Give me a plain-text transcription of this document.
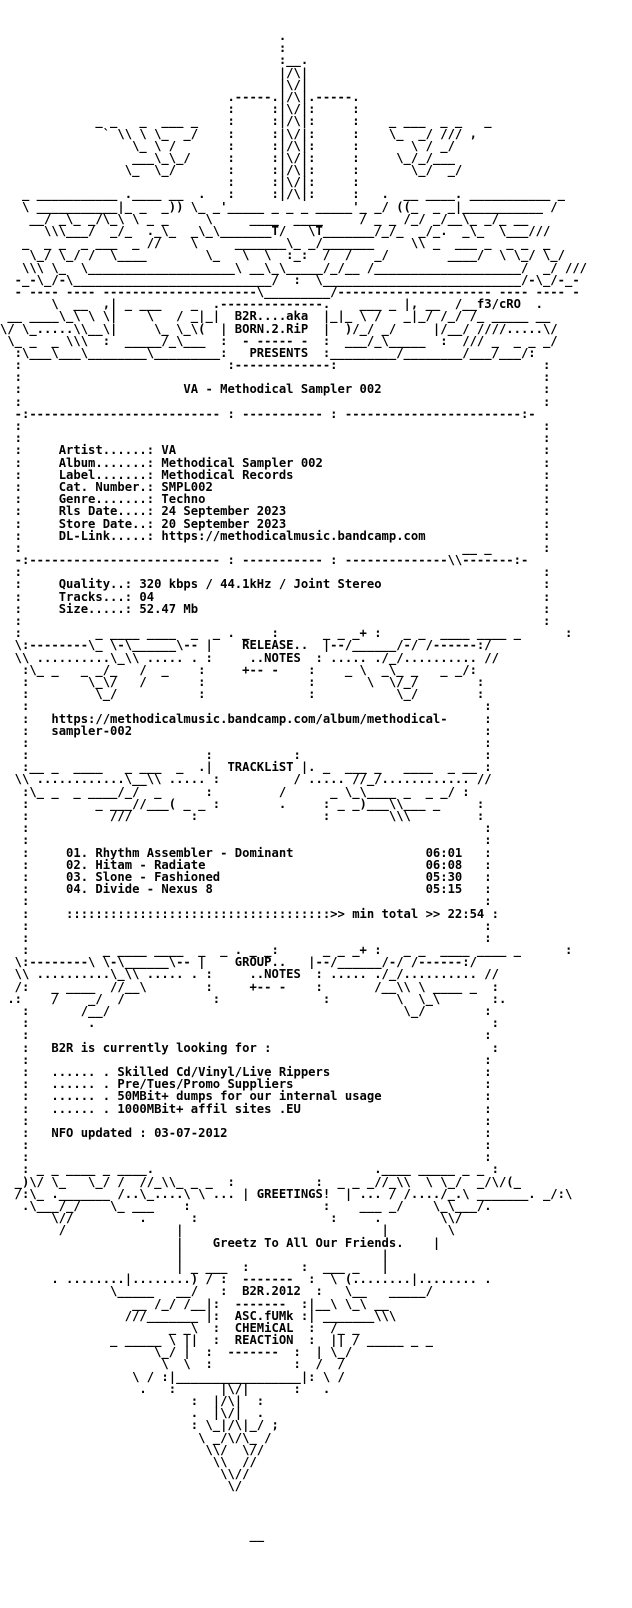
.
:
:__.
|/\|
|\/|
.-----.|/\|.-----.
:     :|\/|:     :
_ _   _  ___ _    :     :|/\|:     :    _ ___  _ _   _
` \\ \ \_  _/    :     :|\/|:     :    \_  _/ /// ,
\_ \ /       :     :|/\|:     :       \ / _/
___\_\_/     :     :|\/|:     :     \_/_/___
\_  \_/       :     :|/\|:     :       \_/  _/
:     :|\/|:     :
_ ___________ .____ __  .   :     :|/\|:     :   .  __ ____. ___________ _
\ ___________|_ _  _)) \_ _'_____ _ _ _ _____'_ _/ ((_  _ _|___________ /
__/ _\_ _/\_\ \ _ _     \     ____  ____     / _ _ /_/ _/__\_ _/_ __
\\\___/  _/_  ._\_  _\_\_______T/   \T_______/_/_  _/_.  _\_  \___///
_  _ _  _ ___  _ //    \     _______\_ _/_______     \\ _  ___ _  _ _  _
\_/ \_/ /  \____        \_   \  \  :_:  /  /   _/        ____/  \ \_/ \_/
\\\ \_  \____________________\ __\_\_____/_/__ /____________________/  _/ ///
-_-\_/-\___________________________/  :  \___________________________/-\_/-_-
- ---- ---- ---------------------\_________/--------------------- ---- ---- -
\  __  ,| _ ___    _  .--------------.    ___ _ |, __  /__f3/cRO  .
__ ____\_\ \ \|    \   / _|_|  B2R....aka  |_|_ \ /   _|_/ /_/ /_ _____ __
\/ \_.....\\__\|     \_ \_\(  | BORN.2.RiP  |  )/_/ _/     |/__/ ////.....\/
\_ _  _ \\\  :  _____/_\___  :  - ----- -  :  ___/_\_____  :  /// _  _ _ _/
:\___\___\________\_________:   PRESENTS  :_________/________/___/___/:
:                            :-------------:                            :
:                                                                       :
:                      VA - Methodical Sampler 002                      :
:                                                                       :
-:-------------------------- : ----------- : ------------------------:-
:                                                                       :
:                                                                       :
:     Artist......: VA                                                  :
:     Album.......: Methodical Sampler 002                              :
:     Label.......: Methodical Records                                  :
:     Cat. Number.: SMPL002                                             :
:     Genre.......: Techno                                              :
:     Rls Date....: 24 September 2023                                   :
:     Store Date..: 20 September 2023                                   :
:     DL-Link.....: https://methodicalmusic.bandcamp.com                :
:                                                            __ _       :
-:-------------------------- : ----------- : --------------\\-------:-
:                                                                       :
:     Quality..: 320 kbps / 44.1kHz / Joint Stereo                      :
:     Tracks...: 04                                                     :
:     Size.....: 52.47 Mb                                               :
:                                                                       :
:          _ ____ ____  _  _ . _   :      _ _ _+ :   _ _  ____ ____ _      :
\:--------\_ \-\______\-- |    RELEASE..  |--/______/-/ /------:/
\\ ..........\_\\ ..... . :     ..NOTES  : ..... ./_/.......... //
:\_ _   _ _/_   /  _    :     +-- -    :    _ \  _\_ _   _ _/:
:        \_\/   /       :              :       \  \/_/        :
:         \_/           :              :           \_/        :
:                                                              :
:   https://methodicalmusic.bandcamp.com/album/methodical-     :
:   sampler-002                                                :
:                                                              :
:                        :           :                         :
:__ _  ____   _ ___  _  .|  TRACKLiST |. _  ___ _   ____  _ __ :
\\ ............\__\\ ..... :          / ..... //_/............ //
:\_ _  _ ____/_/  _      :         /      _ \_\____ _  _ _/ :
:         _ ___//___( _ _ :        .     : _ _)___\\___ _     :
:           ///        :                 :        \\\         :
:                                                              :
:                                                              :
:     01. Rhythm Assembler - Dominant                  06:01   :
:     02. Hitam - Radiate                              06:08   :
:     03. Slone - Fashioned                            05:30   :
:     04. Divide - Nexus 8                             05:15   :
:                                                              :
:     ::::::::::::::::::::::::::::::::::::>> min total >> 22:54 :
:                                                              :
:                                                              :
:          _ ____ ____  _  _ . _ _:      _ _ _+ :   _ _  ____ ____ _      :
\:--------\ \-\______\-- |    GROUP..   |--/______/-/ /------:/
\\ ..........\_\\ ..... . :     ..NOTES  : ..... ./_/.......... //
/:   _ ____  //__\        :     +-- -    :       /__\\ \ ____ _  :
.:    /    _/  /            :              :         \  \_\       :.
:       /__/                                        \_/        :
:        .                                                      :
:                                                              :
:   B2R is currently looking for :                              :
:                                                              :
:   ...... . Skilled Cd/Vinyl/Live Rippers                     :
:   ...... . Pre/Tues/Promo Suppliers                          :
:   ...... . 50MBit+ dumps for our internal usage              :
:   ...... . 1000MBit+ affil sites .EU                         :
:                                                              :
:   NFO updated : 03-07-2012                                   :
:                                                              :
:                                                              :
: _ _ ____ _ ____.                              .____ _____ _ _ :
_)\/ \_   \_/ /  //_\\_ _ _  :           :  _ _ _//_\\  \ \_/  _/\/(_
/:\_ ._______ /..\_....\ \ ... | GREETINGS!  | ... / /..../_.\ _______. _/:\
.\___/_/    \_ ___    :                  :    ___ _/    \_\___/.
\//         .      :                  :     .        \\/
/               |                           |        \
|    Greetz To All Our Friends.    |
|                           |
| _ ___  :       :  ___ _   |
. ........|........) / :  -------  :  \ (........|........ .
\_____   __/   :  B2R.2012  :   \__   _____/
__ /_/ /__|:  -------  :|__\ \_\ __
///_______ |:  ASC.fUMk :| _______\\\
_ _\  :  CHEMiCAL  :  /_ _
_ _____ \ ||  :  REACTiON  :  || / _____ _ _
\_/ |  :  -------  :  | \_/
\  \  :           :  /  /
\ / :|_________________|: \ /
.   :      |\/|      :   .
:  |/\|  :
.  |\/|  .
: \_|/\|_/ ;
\ _/\/\_ /
\\/  \//
\\  //
\\//
\/
__
